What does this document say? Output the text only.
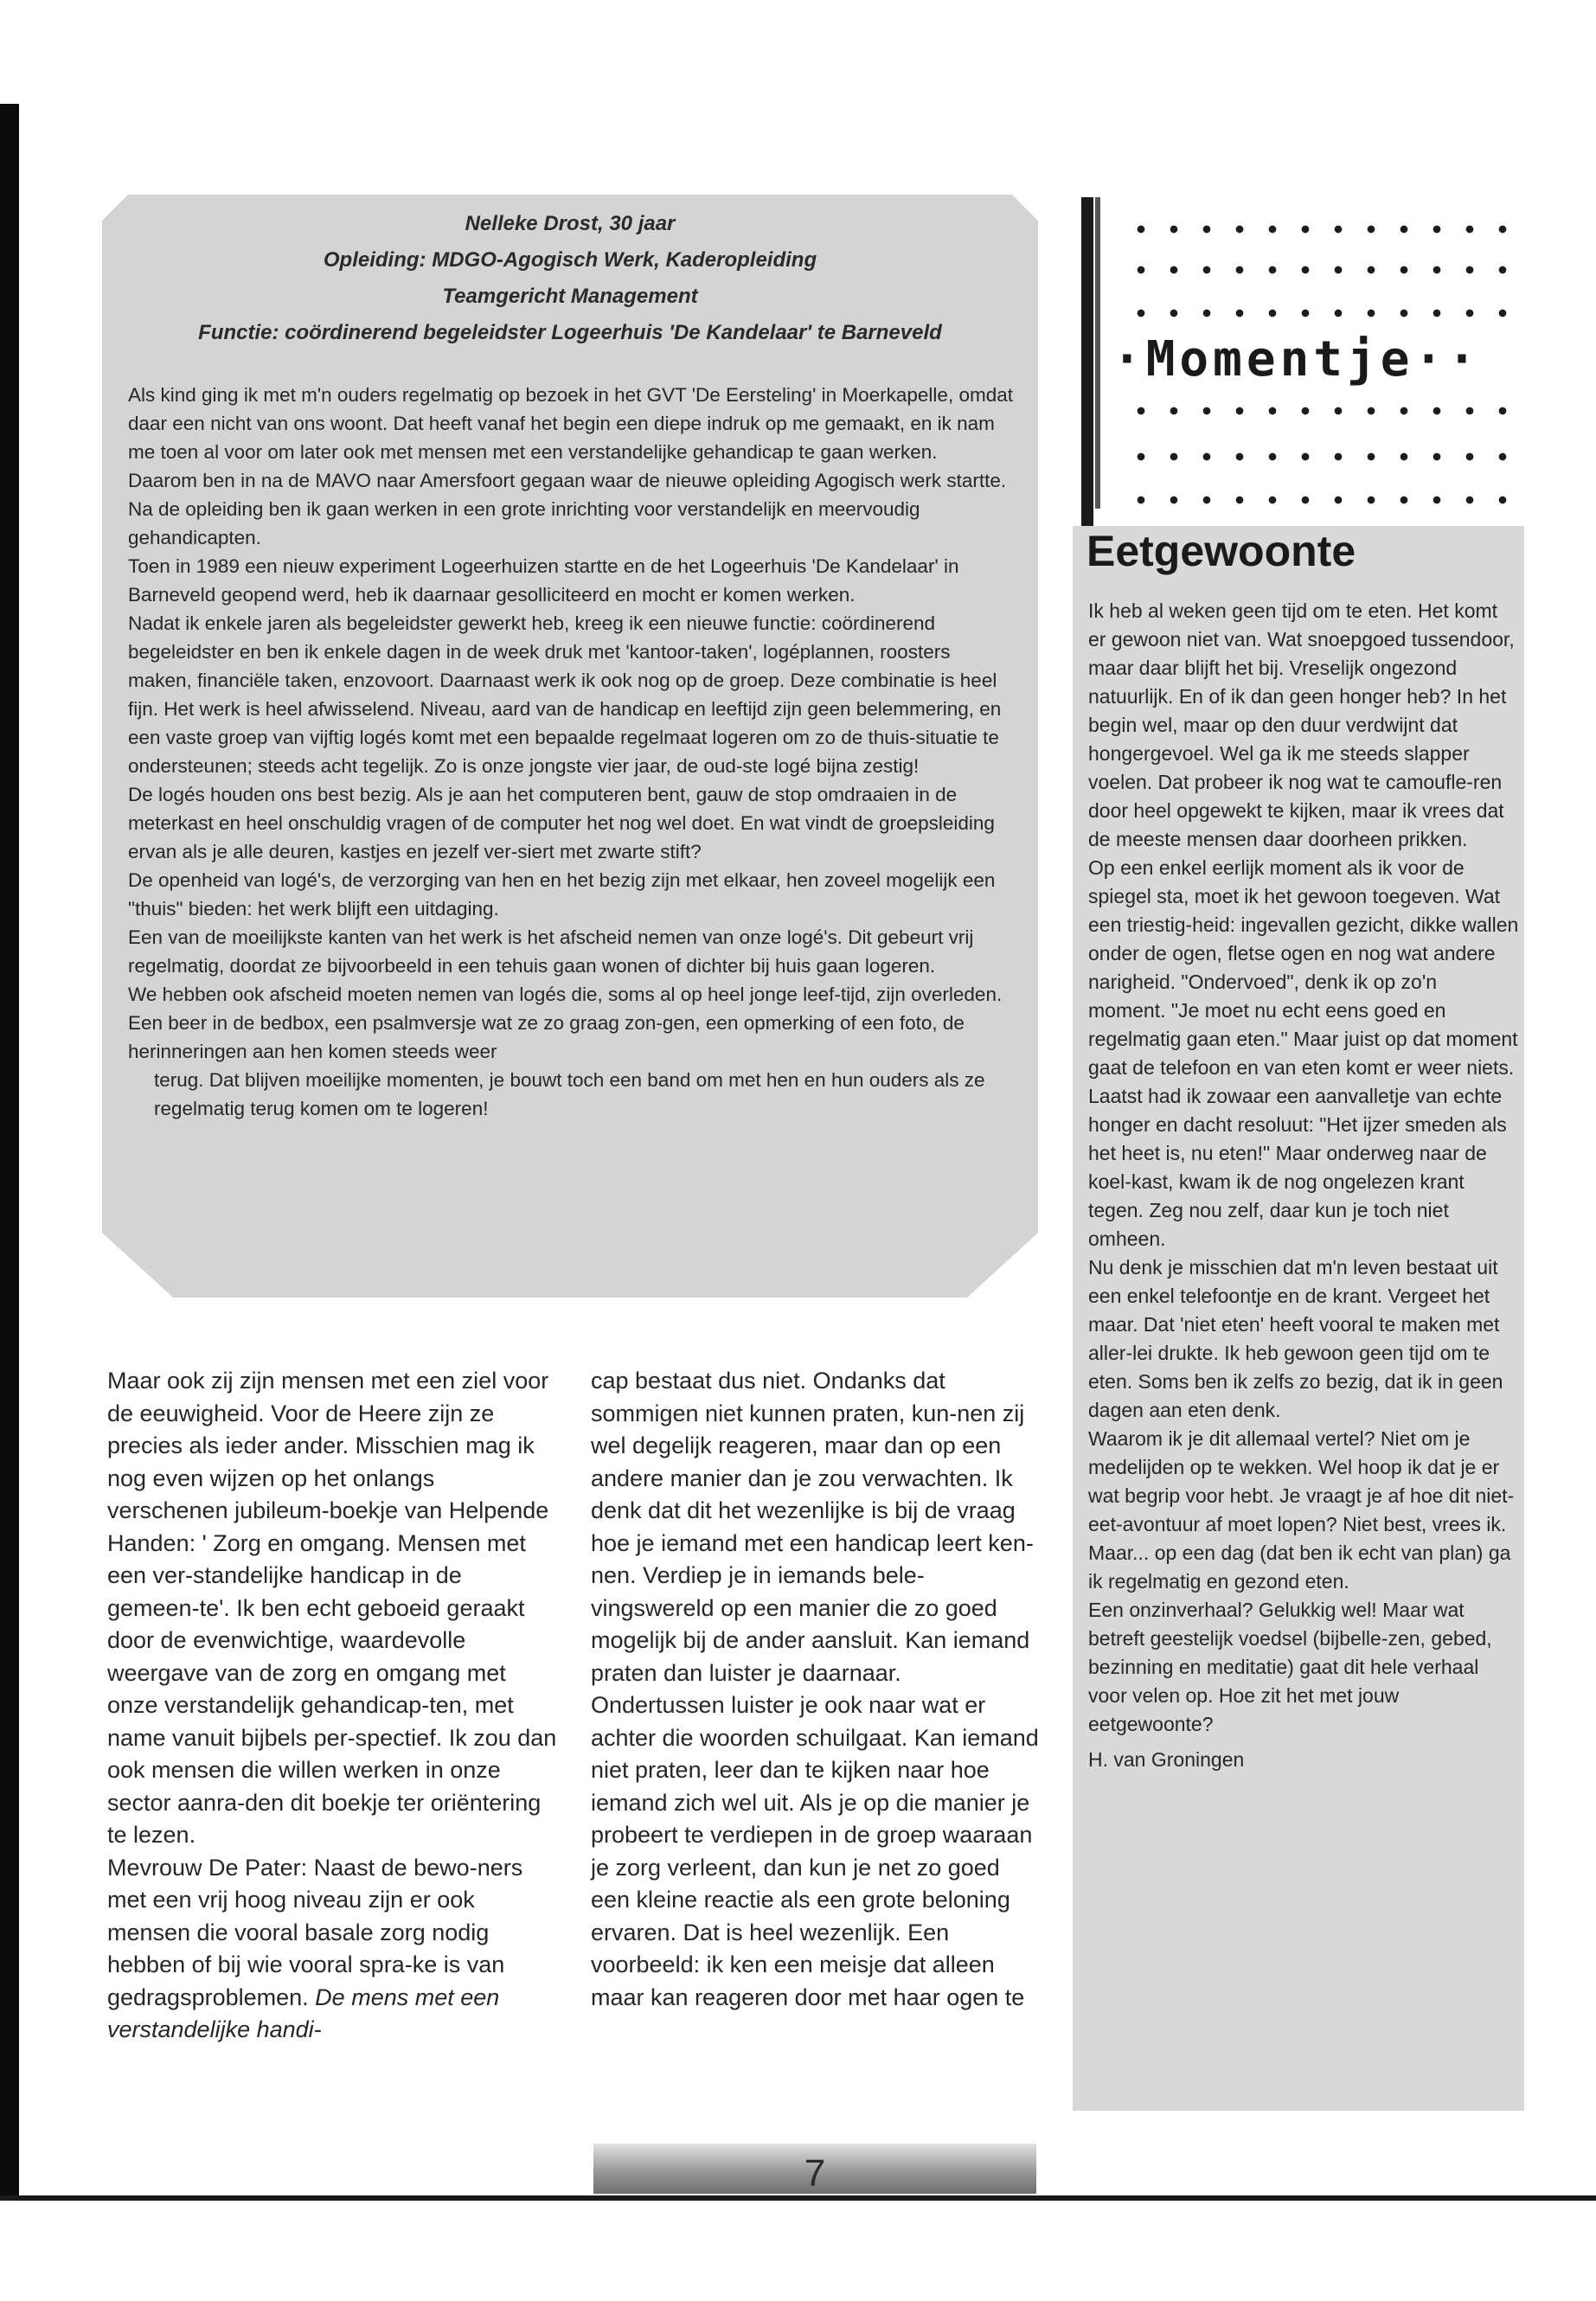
Nelleke Drost, 30 jaar
Opleiding: MDGO-Agogisch Werk, Kaderopleiding
Teamgericht Management
Functie: coördinerend begeleidster Logeerhuis 'De Kandelaar' te Barneveld

Als kind ging ik met m'n ouders regelmatig op bezoek in het GVT 'De Eersteling' in Moerkapelle, omdat daar een nicht van ons woont. Dat heeft vanaf het begin een diepe indruk op me gemaakt, en ik nam me toen al voor om later ook met mensen met een verstandelijke gehandicap te gaan werken.

Daarom ben in na de MAVO naar Amersfoort gegaan waar de nieuwe opleiding Agogisch werk startte. Na de opleiding ben ik gaan werken in een grote inrichting voor verstandelijk en meervoudig gehandicapten.

Toen in 1989 een nieuw experiment Logeerhuizen startte en de het Logeerhuis 'De Kandelaar' in Barneveld geopend werd, heb ik daarnaar gesolliciteerd en mocht er komen werken.

Nadat ik enkele jaren als begeleidster gewerkt heb, kreeg ik een nieuwe functie: coördinerend begeleidster en ben ik enkele dagen in de week druk met 'kantoor-taken', logéplannen, roosters maken, financiële taken, enzovoort. Daarnaast werk ik ook nog op de groep. Deze combinatie is heel fijn. Het werk is heel afwisselend. Niveau, aard van de handicap en leeftijd zijn geen belemmering, en een vaste groep van vijftig logés komt met een bepaalde regelmaat logeren om zo de thuis-situatie te ondersteunen; steeds acht tegelijk. Zo is onze jongste vier jaar, de oud-ste logé bijna zestig!

De logés houden ons best bezig. Als je aan het computeren bent, gauw de stop omdraaien in de meterkast en heel onschuldig vragen of de computer het nog wel doet. En wat vindt de groepsleiding ervan als je alle deuren, kastjes en jezelf ver-siert met zwarte stift?

De openheid van logé's, de verzorging van hen en het bezig zijn met elkaar, hen zoveel mogelijk een "thuis" bieden: het werk blijft een uitdaging.

Een van de moeilijkste kanten van het werk is het afscheid nemen van onze logé's. Dit gebeurt vrij regelmatig, doordat ze bijvoorbeeld in een tehuis gaan wonen of dichter bij huis gaan logeren.

We hebben ook afscheid moeten nemen van logés die, soms al op heel jonge leef-tijd, zijn overleden. Een beer in de bedbox, een psalmversje wat ze zo graag zon-gen, een opmerking of een foto, de herinneringen aan hen komen steeds weer

terug. Dat blijven moeilijke momenten, je bouwt toch een band om met hen en hun ouders als ze regelmatig terug komen om te logeren!

Maar ook zij zijn mensen met een ziel voor de eeuwigheid. Voor de Heere zijn ze precies als ieder ander. Misschien mag ik nog even wijzen op het onlangs verschenen jubileum-boekje van Helpende Handen: ' Zorg en omgang. Mensen met een ver-standelijke handicap in de gemeen-te'. Ik ben echt geboeid geraakt door de evenwichtige, waardevolle weergave van de zorg en omgang met onze verstandelijk gehandicap-ten, met name vanuit bijbels per-spectief. Ik zou dan ook mensen die willen werken in onze sector aanra-den dit boekje ter oriëntering te lezen.

Mevrouw De Pater: Naast de bewo-ners met een vrij hoog niveau zijn er ook mensen die vooral basale zorg nodig hebben of bij wie vooral spra-ke is van gedragsproblemen. De mens met een verstandelijke handi-

cap bestaat dus niet. Ondanks dat sommigen niet kunnen praten, kun-nen zij wel degelijk reageren, maar dan op een andere manier dan je zou verwachten. Ik denk dat dit het wezenlijke is bij de vraag hoe je iemand met een handicap leert ken-nen. Verdiep je in iemands bele-vingswereld op een manier die zo goed mogelijk bij de ander aansluit. Kan iemand praten dan luister je daarnaar. Ondertussen luister je ook naar wat er achter die woorden schuilgaat. Kan iemand niet praten, leer dan te kijken naar hoe iemand zich wel uit. Als je op die manier je probeert te verdiepen in de groep waaraan je zorg verleent, dan kun je net zo goed een kleine reactie als een grote beloning ervaren. Dat is heel wezenlijk. Een voorbeeld: ik ken een meisje dat alleen maar kan reageren door met haar ogen te

·Momentje··
Eetgewoonte

Ik heb al weken geen tijd om te eten. Het komt er gewoon niet van. Wat snoepgoed tussendoor, maar daar blijft het bij. Vreselijk ongezond natuurlijk. En of ik dan geen honger heb? In het begin wel, maar op den duur verdwijnt dat hongergevoel. Wel ga ik me steeds slapper voelen. Dat probeer ik nog wat te camoufle-ren door heel opgewekt te kijken, maar ik vrees dat de meeste mensen daar doorheen prikken.

Op een enkel eerlijk moment als ik voor de spiegel sta, moet ik het gewoon toegeven. Wat een triestig-heid: ingevallen gezicht, dikke wallen onder de ogen, fletse ogen en nog wat andere narigheid. "Ondervoed", denk ik op zo'n moment. "Je moet nu echt eens goed en regelmatig gaan eten." Maar juist op dat moment gaat de telefoon en van eten komt er weer niets.

Laatst had ik zowaar een aanvalletje van echte honger en dacht resoluut: "Het ijzer smeden als het heet is, nu eten!" Maar onderweg naar de koel-kast, kwam ik de nog ongelezen krant tegen. Zeg nou zelf, daar kun je toch niet omheen.

Nu denk je misschien dat m'n leven bestaat uit een enkel telefoontje en de krant. Vergeet het maar. Dat 'niet eten' heeft vooral te maken met aller-lei drukte. Ik heb gewoon geen tijd om te eten. Soms ben ik zelfs zo bezig, dat ik in geen dagen aan eten denk.

Waarom ik je dit allemaal vertel? Niet om je medelijden op te wekken. Wel hoop ik dat je er wat begrip voor hebt. Je vraagt je af hoe dit niet-eet-avontuur af moet lopen? Niet best, vrees ik. Maar... op een dag (dat ben ik echt van plan) ga ik regelmatig en gezond eten.

Een onzinverhaal? Gelukkig wel! Maar wat betreft geestelijk voedsel (bijbelle-zen, gebed, bezinning en meditatie) gaat dit hele verhaal voor velen op. Hoe zit het met jouw eetgewoonte?

H. van Groningen

7
